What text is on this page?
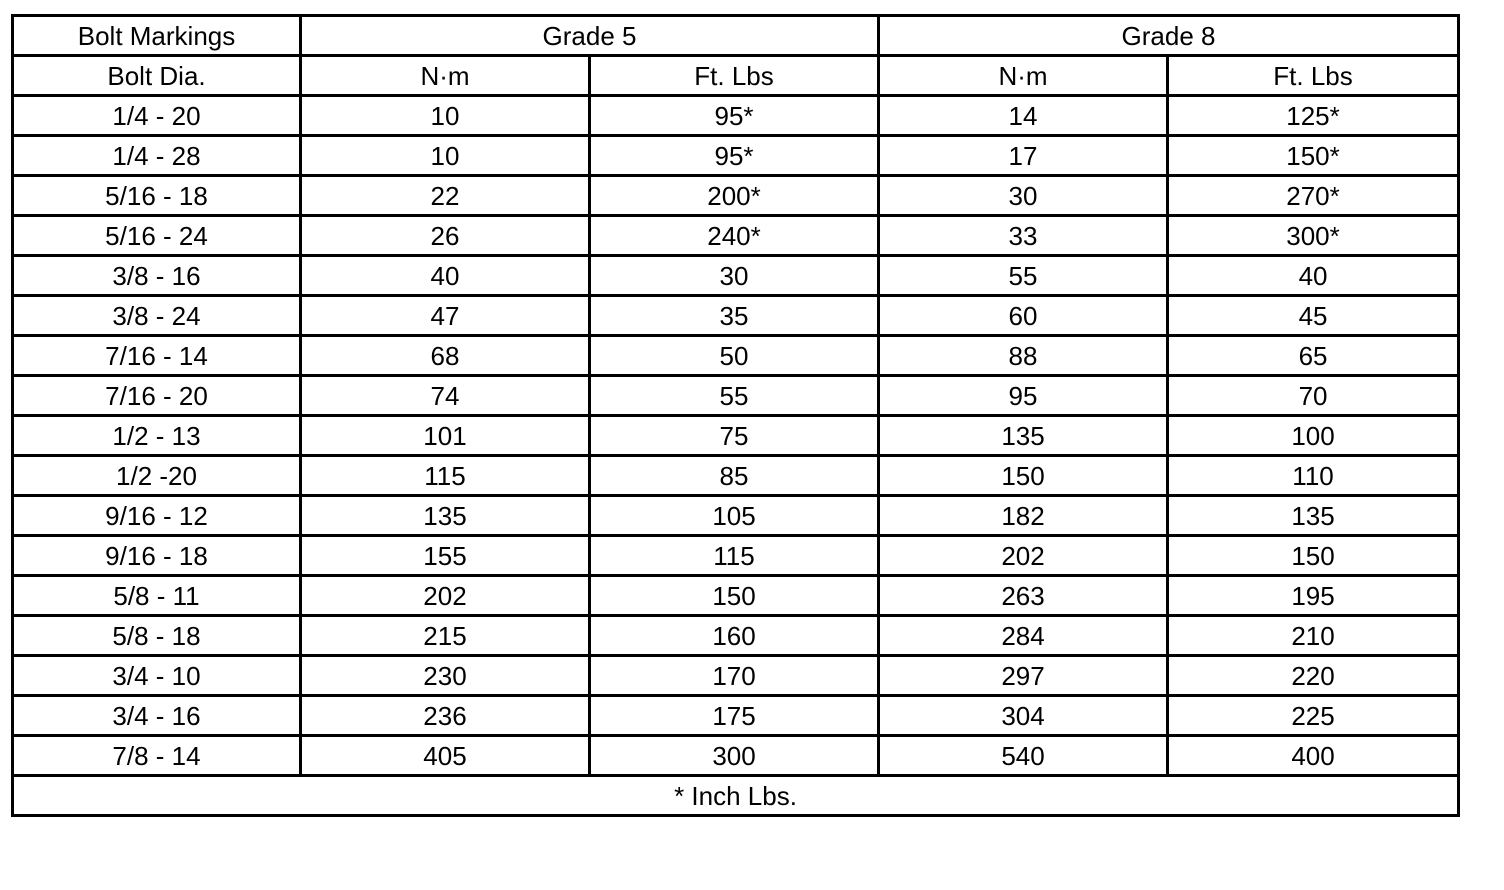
Bolt Markings	Grade 5		Grade 8	
Bolt Dia.	N·m	Ft. Lbs	N·m	Ft. Lbs
1/4 - 20	10	95*	14	125*
1/4 - 28	10	95*	17	150*
5/16 - 18	22	200*	30	270*
5/16 - 24	26	240*	33	300*
3/8 - 16	40	30	55	40
3/8 - 24	47	35	60	45
7/16 - 14	68	50	88	65
7/16 - 20	74	55	95	70
1/2 - 13	101	75	135	100
1/2 -20	115	85	150	110
9/16 - 12	135	105	182	135
9/16 - 18	155	115	202	150
5/8 - 11	202	150	263	195
5/8 - 18	215	160	284	210
3/4 - 10	230	170	297	220
3/4 - 16	236	175	304	225
7/8 - 14	405	300	540	400
* Inch Lbs.				
